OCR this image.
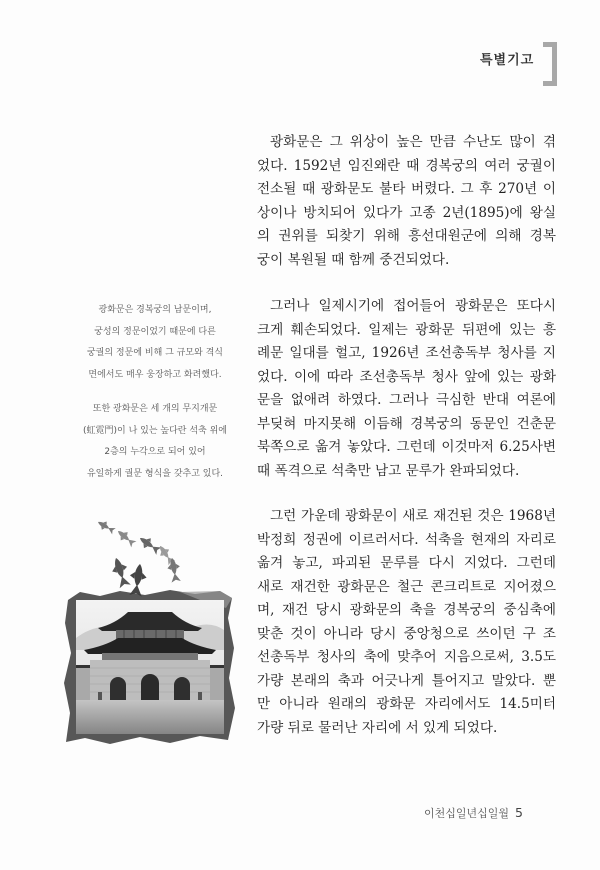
특별기고
광화문은 그 위상이 높은 만큼 수난도 많이 겪
었다. 1592년 임진왜란 때 경복궁의 여러 궁궐이
전소될 때 광화문도 불타 버렸다. 그 후 270년 이
상이나 방치되어 있다가 고종 2년(1895)에 왕실
의 권위를 되찾기 위해 흥선대원군에 의해 경복
궁이 복원될 때 함께 중건되었다.
그러나 일제시기에 접어들어 광화문은 또다시
크게 훼손되었다. 일제는 광화문 뒤편에 있는 흥
례문 일대를 헐고, 1926년 조선총독부 청사를 지
었다. 이에 따라 조선총독부 청사 앞에 있는 광화
문을 없애려 하였다. 그러나 극심한 반대 여론에
부딪혀 마지못해 이듬해 경복궁의 동문인 건춘문
북쪽으로 옮겨 놓았다. 그런데 이것마저 6.25사변
때 폭격으로 석축만 남고 문루가 완파되었다.
그런 가운데 광화문이 새로 재건된 것은 1968년
박정희 정권에 이르러서다. 석축을 현재의 자리로
옮겨 놓고, 파괴된 문루를 다시 지었다. 그런데
새로 재건한 광화문은 철근 콘크리트로 지어졌으
며, 재건 당시 광화문의 축을 경복궁의 중심축에
맞춘 것이 아니라 당시 중앙청으로 쓰이던 구 조
선총독부 청사의 축에 맞추어 지음으로써, 3.5도
가량 본래의 축과 어긋나게 틀어지고 말았다. 뿐
만 아니라 원래의 광화문 자리에서도 14.5미터
가량 뒤로 물러난 자리에 서 있게 되었다.
광화문은 경복궁의 남문이며,
궁성의 정문이었기 때문에 다른
궁궐의 정문에 비해 그 규모와 격식
면에서도 매우 웅장하고 화려했다.
또한 광화문은 세 개의 무지개문
(虹霓門)이 나 있는 높다란 석축 위에
2층의 누각으로 되어 있어
유일하게 궐문 형식을 갖추고 있다.
이천십일년십일월 5
